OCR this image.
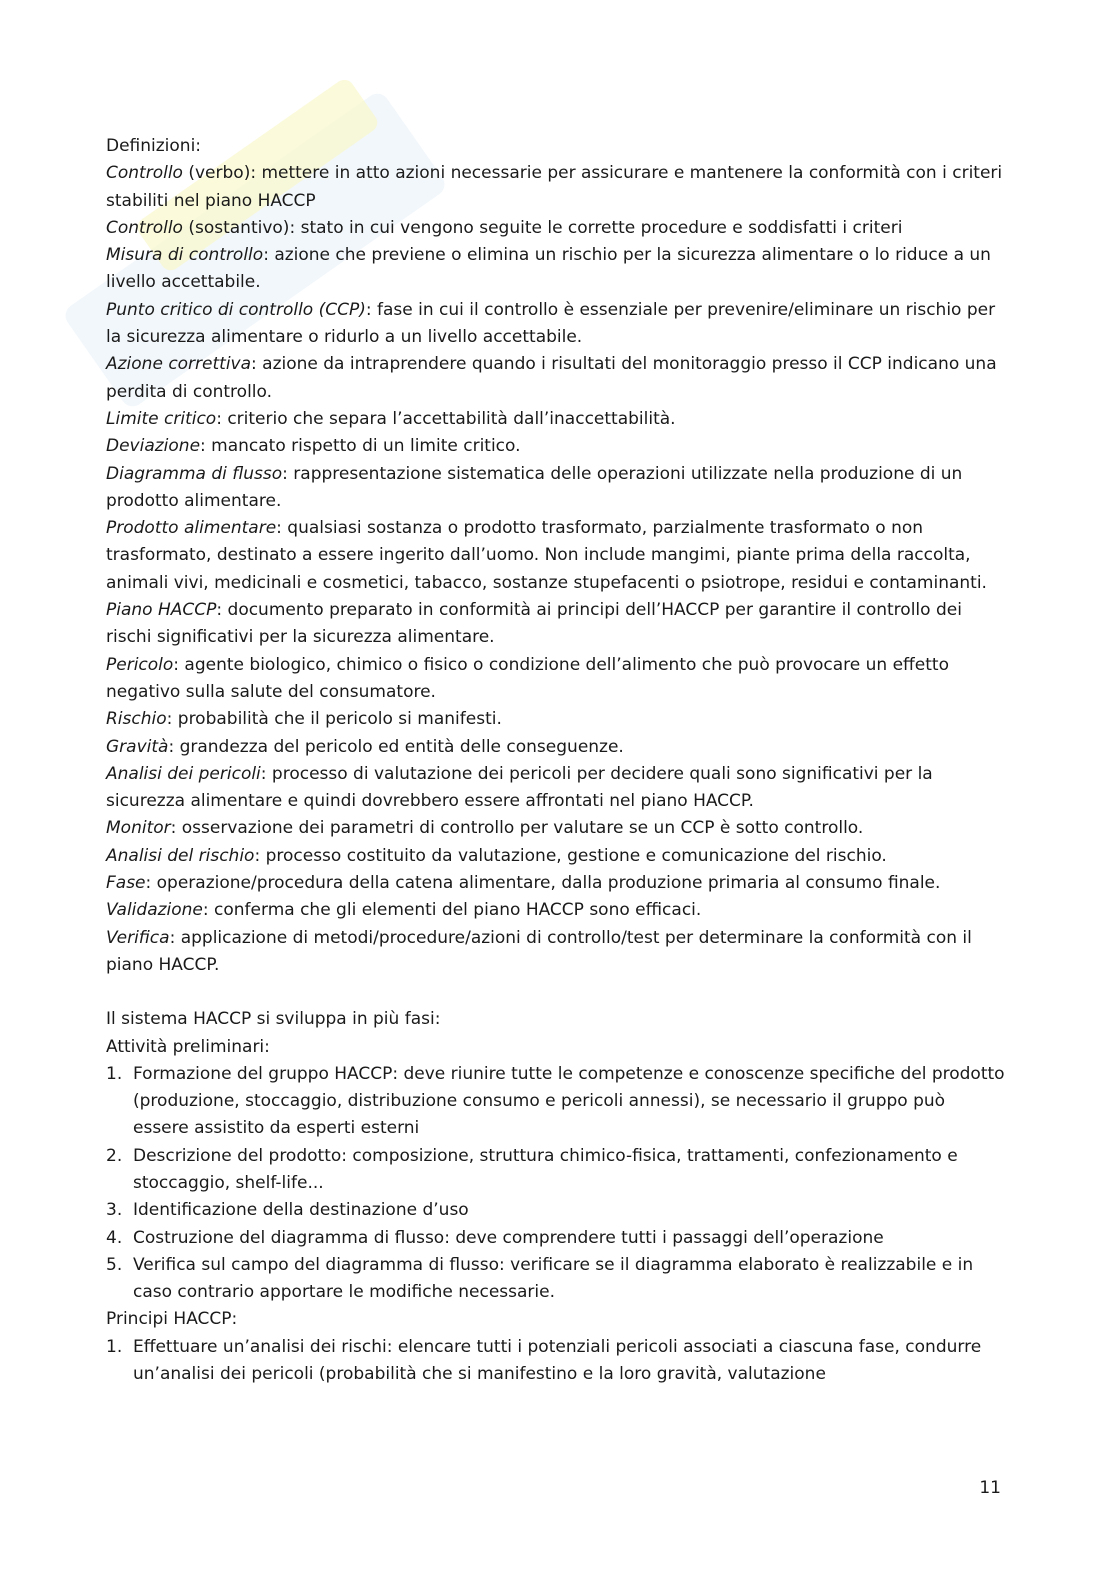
Definizioni:

Controllo (verbo): mettere in atto azioni necessarie per assicurare e mantenere la conformità con i criteri stabiliti nel piano HACCP

Controllo (sostantivo): stato in cui vengono seguite le corrette procedure e soddisfatti i criteri

Misura di controllo: azione che previene o elimina un rischio per la sicurezza alimentare o lo riduce a un livello accettabile.

Punto critico di controllo (CCP): fase in cui il controllo è essenziale per prevenire/eliminare un rischio per la sicurezza alimentare o ridurlo a un livello accettabile.

Azione correttiva: azione da intraprendere quando i risultati del monitoraggio presso il CCP indicano una perdita di controllo.

Limite critico: criterio che separa l’accettabilità dall’inaccettabilità.

Deviazione: mancato rispetto di un limite critico.

Diagramma di flusso: rappresentazione sistematica delle operazioni utilizzate nella produzione di un prodotto alimentare.

Prodotto alimentare: qualsiasi sostanza o prodotto trasformato, parzialmente trasformato o non trasformato, destinato a essere ingerito dall’uomo. Non include mangimi, piante prima della raccolta, animali vivi, medicinali e cosmetici, tabacco, sostanze stupefacenti o psiotrope, residui e contaminanti.

Piano HACCP: documento preparato in conformità ai principi dell’HACCP per garantire il controllo dei rischi significativi per la sicurezza alimentare.

Pericolo: agente biologico, chimico o fisico o condizione dell’alimento che può provocare un effetto negativo sulla salute del consumatore.

Rischio: probabilità che il pericolo si manifesti.

Gravità: grandezza del pericolo ed entità delle conseguenze.

Analisi dei pericoli: processo di valutazione dei pericoli per decidere quali sono significativi per la sicurezza alimentare e quindi dovrebbero essere affrontati nel piano HACCP.

Monitor: osservazione dei parametri di controllo per valutare se un CCP è sotto controllo.

Analisi del rischio: processo costituito da valutazione, gestione e comunicazione del rischio.

Fase: operazione/procedura della catena alimentare, dalla produzione primaria al consumo finale.

Validazione: conferma che gli elementi del piano HACCP sono efficaci.

Verifica: applicazione di metodi/procedure/azioni di controllo/test per determinare la conformità con il piano HACCP.

Il sistema HACCP si sviluppa in più fasi:

Attività preliminari:

1. Formazione del gruppo HACCP: deve riunire tutte le competenze e conoscenze specifiche del prodotto (produzione, stoccaggio, distribuzione consumo e pericoli annessi), se necessario il gruppo può essere assistito da esperti esterni
2. Descrizione del prodotto: composizione, struttura chimico-fisica, trattamenti, confezionamento e stoccaggio, shelf-life...
3. Identificazione della destinazione d’uso
4. Costruzione del diagramma di flusso: deve comprendere tutti i passaggi dell’operazione
5. Verifica sul campo del diagramma di flusso: verificare se il diagramma elaborato è realizzabile e in caso contrario apportare le modifiche necessarie.

Principi HACCP:

1. Effettuare un’analisi dei rischi: elencare tutti i potenziali pericoli associati a ciascuna fase, condurre un’analisi dei pericoli (probabilità che si manifestino e la loro gravità, valutazione
11
